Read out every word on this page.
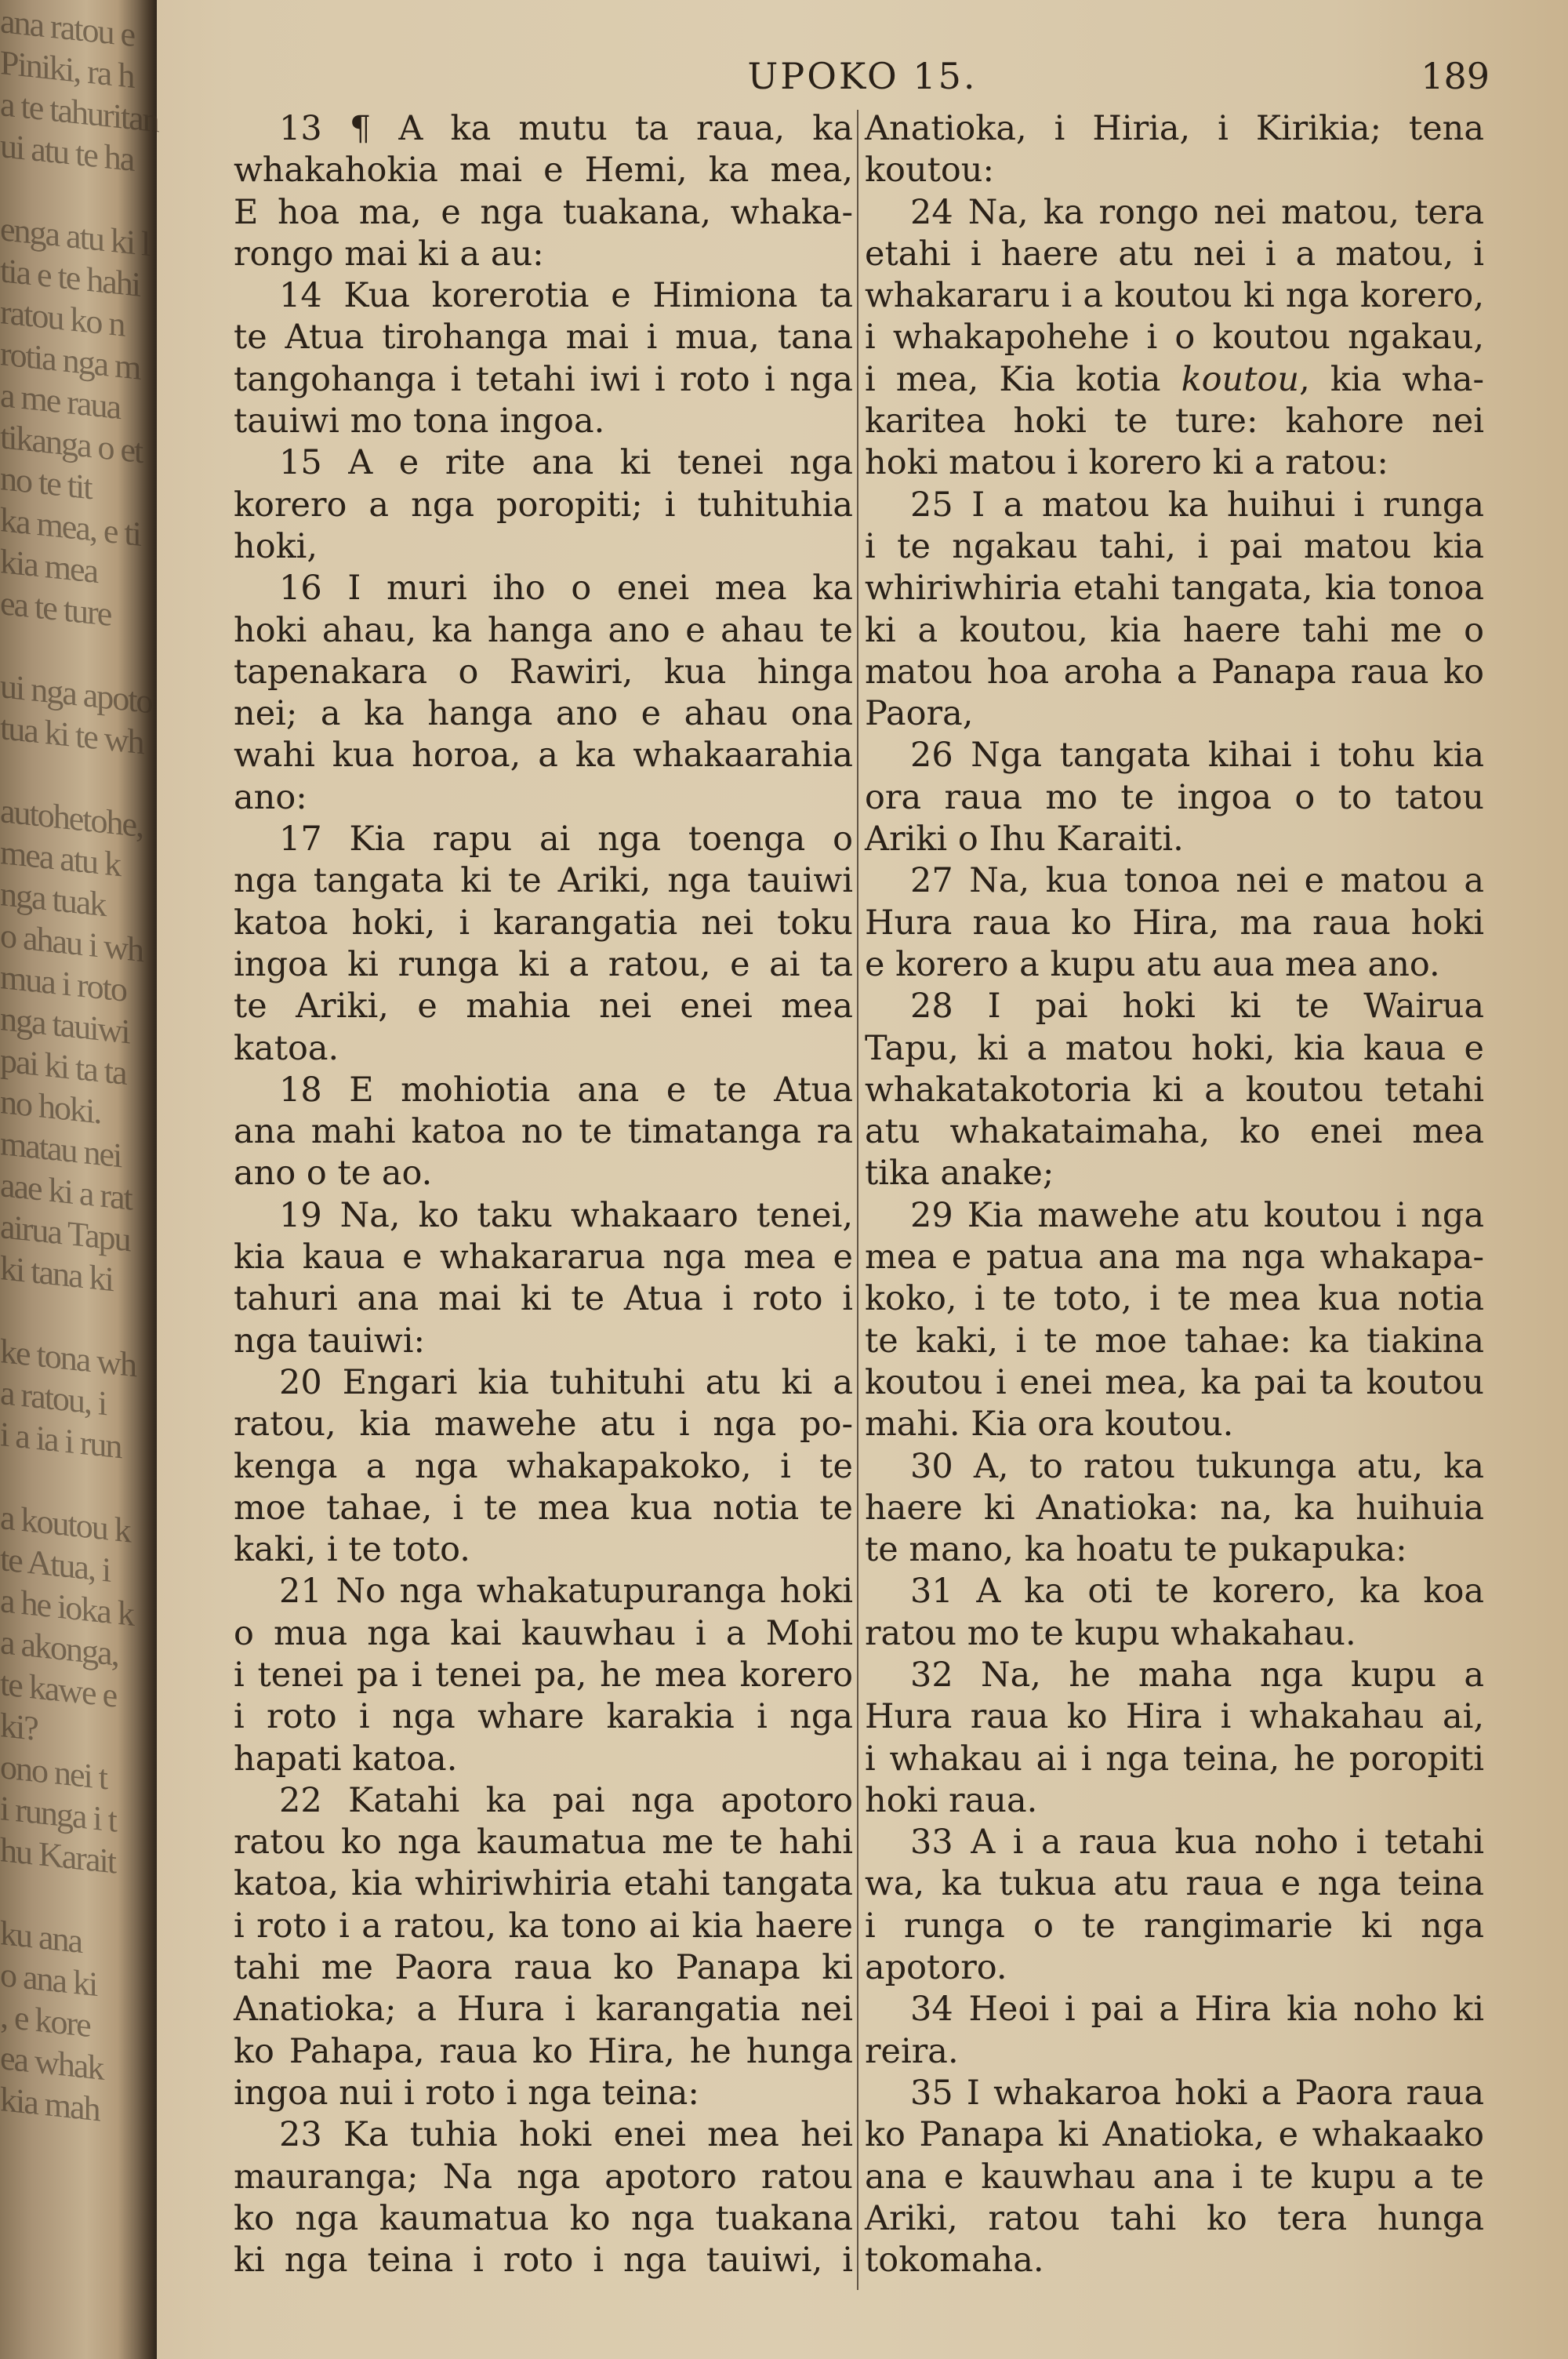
ana ratou e
Piniki, ra h
a te tahuritan
ui atu te ha

enga atu ki l
tia e te hahi
ratou ko n
rotia nga m
a me raua
tikanga o et
no te tit
ka mea, e ti
kia mea
ea te ture

ui nga apoto
tua ki te wh

autohetohe,
mea atu k
nga tuak
o ahau i wh
mua i roto
nga tauiwi
pai ki ta ta
no hoki.
matau nei
aae ki a rat
airua Tapu
ki tana ki

ke tona wh
a ratou, i
i a ia i run

a koutou k
te Atua, i
a he ioka k
a akonga,
te kawe e
ki?
ono nei t
i runga i t
hu Karait

ku ana
o ana ki
, e kore
ea whak
kia mah
UPOKO 15.	189
13 ¶ A ka mutu ta raua, ka
whakahokia mai e Hemi, ka mea,
E hoa ma, e nga tuakana, whaka-
rongo mai ki a au:
14 Kua korerotia e Himiona ta
te Atua tirohanga mai i mua, tana
tangohanga i tetahi iwi i roto i nga
tauiwi mo tona ingoa.
15 A e rite ana ki tenei nga
korero a nga poropiti; i tuhituhia
hoki,
16 I muri iho o enei mea ka
hoki ahau, ka hanga ano e ahau te
tapenakara o Rawiri, kua hinga
nei; a ka hanga ano e ahau ona
wahi kua horoa, a ka whakaarahia
ano:
17 Kia rapu ai nga toenga o
nga tangata ki te Ariki, nga tauiwi
katoa hoki, i karangatia nei toku
ingoa ki runga ki a ratou, e ai ta
te Ariki, e mahia nei enei mea
katoa.
18 E mohiotia ana e te Atua
ana mahi katoa no te timatanga ra
ano o te ao.
19 Na, ko taku whakaaro tenei,
kia kaua e whakararua nga mea e
tahuri ana mai ki te Atua i roto i
nga tauiwi:
20 Engari kia tuhituhi atu ki a
ratou, kia mawehe atu i nga po-
kenga a nga whakapakoko, i te
moe tahae, i te mea kua notia te
kaki, i te toto.
21 No nga whakatupuranga hoki
o mua nga kai kauwhau i a Mohi
i tenei pa i tenei pa, he mea korero
i roto i nga whare karakia i nga
hapati katoa.
22 Katahi ka pai nga apotoro
ratou ko nga kaumatua me te hahi
katoa, kia whiriwhiria etahi tangata
i roto i a ratou, ka tono ai kia haere
tahi me Paora raua ko Panapa ki
Anatioka; a Hura i karangatia nei
ko Pahapa, raua ko Hira, he hunga
ingoa nui i roto i nga teina:
23 Ka tuhia hoki enei mea hei
mauranga; Na nga apotoro ratou
ko nga kaumatua ko nga tuakana
ki nga teina i roto i nga tauiwi, i
Anatioka, i Hiria, i Kirikia; tena
koutou:
24 Na, ka rongo nei matou, tera
etahi i haere atu nei i a matou, i
whakararu i a koutou ki nga korero,
i whakapohehe i o koutou ngakau,
i mea, Kia kotia koutou, kia wha-
karitea hoki te ture: kahore nei
hoki matou i korero ki a ratou:
25 I a matou ka huihui i runga
i te ngakau tahi, i pai matou kia
whiriwhiria etahi tangata, kia tonoa
ki a koutou, kia haere tahi me o
matou hoa aroha a Panapa raua ko
Paora,
26 Nga tangata kihai i tohu kia
ora raua mo te ingoa o to tatou
Ariki o Ihu Karaiti.
27 Na, kua tonoa nei e matou a
Hura raua ko Hira, ma raua hoki
e korero a kupu atu aua mea ano.
28 I pai hoki ki te Wairua
Tapu, ki a matou hoki, kia kaua e
whakatakotoria ki a koutou tetahi
atu whakataimaha, ko enei mea
tika anake;
29 Kia mawehe atu koutou i nga
mea e patua ana ma nga whakapa-
koko, i te toto, i te mea kua notia
te kaki, i te moe tahae: ka tiakina
koutou i enei mea, ka pai ta koutou
mahi. Kia ora koutou.
30 A, to ratou tukunga atu, ka
haere ki Anatioka: na, ka huihuia
te mano, ka hoatu te pukapuka:
31 A ka oti te korero, ka koa
ratou mo te kupu whakahau.
32 Na, he maha nga kupu a
Hura raua ko Hira i whakahau ai,
i whakau ai i nga teina, he poropiti
hoki raua.
33 A i a raua kua noho i tetahi
wa, ka tukua atu raua e nga teina
i runga o te rangimarie ki nga
apotoro.
34 Heoi i pai a Hira kia noho ki
reira.
35 I whakaroa hoki a Paora raua
ko Panapa ki Anatioka, e whakaako
ana e kauwhau ana i te kupu a te
Ariki, ratou tahi ko tera hunga
tokomaha.
